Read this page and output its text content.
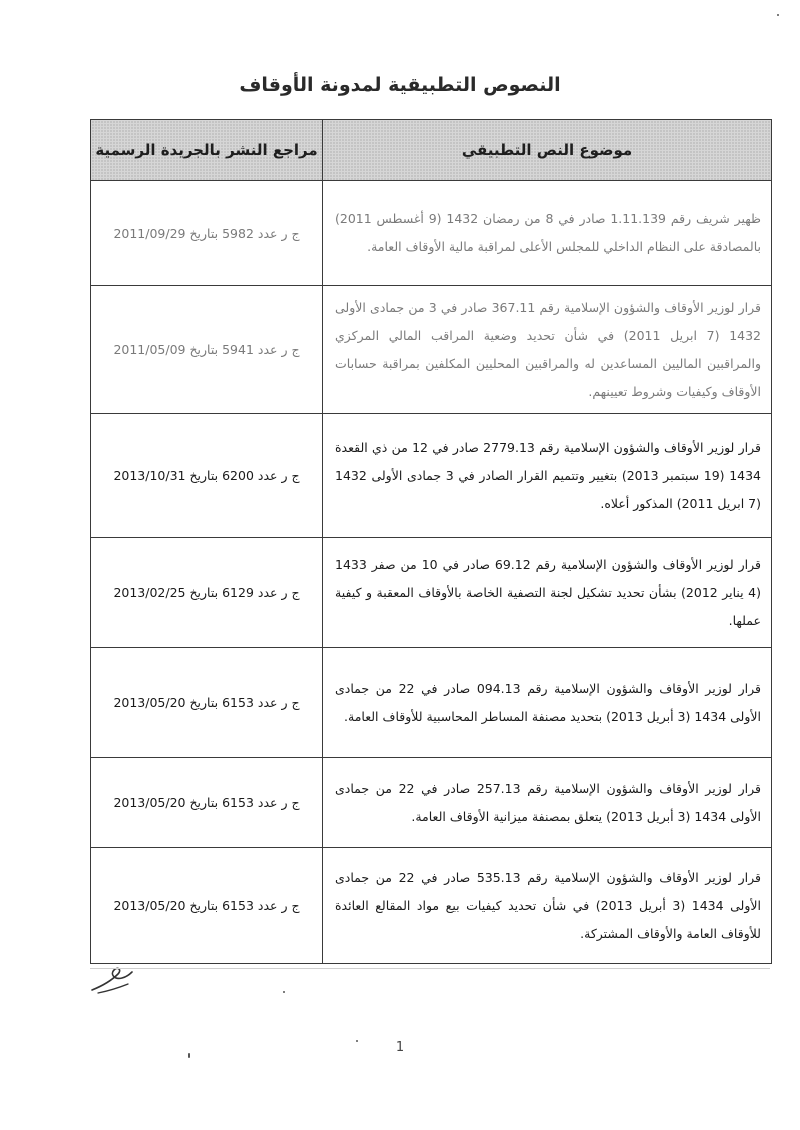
النصوص التطبيقية لمدونة الأوقاف
موضوع النص التطبيقي	مراجع النشر بالجريدة الرسمية
ظهير شريف رقم 1.11.139 صادر في 8 من رمضان 1432 (9 أغسطس 2011) بالمصادقة على النظام الداخلي للمجلس الأعلى لمراقبة مالية الأوقاف العامة.	ج ر عدد 5982 بتاريخ 2011/09/29
قرار لوزير الأوقاف والشؤون الإسلامية رقم 367.11 صادر في 3 من جمادى الأولى 1432 (7 ابريل 2011) في شأن تحديد وضعية المراقب المالي المركزي والمراقبين الماليين المساعدين له والمراقبين المحليين المكلفين بمراقبة حسابات الأوقاف وكيفيات وشروط تعيينهم.	ج ر عدد 5941 بتاريخ 2011/05/09
قرار لوزير الأوقاف والشؤون الإسلامية رقم 2779.13 صادر في 12 من ذي القعدة 1434 (19 سبتمبر 2013) بتغيير وتتميم القرار الصادر في 3 جمادى الأولى 1432 (7 ابريل 2011) المذكور أعلاه.	ج ر عدد 6200 بتاريخ 2013/10/31
قرار لوزير الأوقاف والشؤون الإسلامية رقم 69.12 صادر في 10 من صفر 1433 (4 يناير 2012) بشأن تحديد تشكيل لجنة التصفية الخاصة بالأوقاف المعقبة و كيفية عملها.	ج ر عدد 6129 بتاريخ 2013/02/25
قرار لوزير الأوقاف والشؤون الإسلامية رقم 094.13 صادر في 22 من جمادى الأولى 1434 (3 أبريل 2013) بتحديد مصنفة المساطر المحاسبية للأوقاف العامة.	ج ر عدد 6153 بتاريخ 2013/05/20
قرار لوزير الأوقاف والشؤون الإسلامية رقم 257.13 صادر في 22 من جمادى الأولى 1434 (3 أبريل 2013) يتعلق بمصنفة ميزانية الأوقاف العامة.	ج ر عدد 6153 بتاريخ 2013/05/20
قرار لوزير الأوقاف والشؤون الإسلامية رقم 535.13 صادر في 22 من جمادى الأولى 1434 (3 أبريل 2013) في شأن تحديد كيفيات بيع مواد المقالع العائدة للأوقاف العامة والأوقاف المشتركة.	ج ر عدد 6153 بتاريخ 2013/05/20
1
